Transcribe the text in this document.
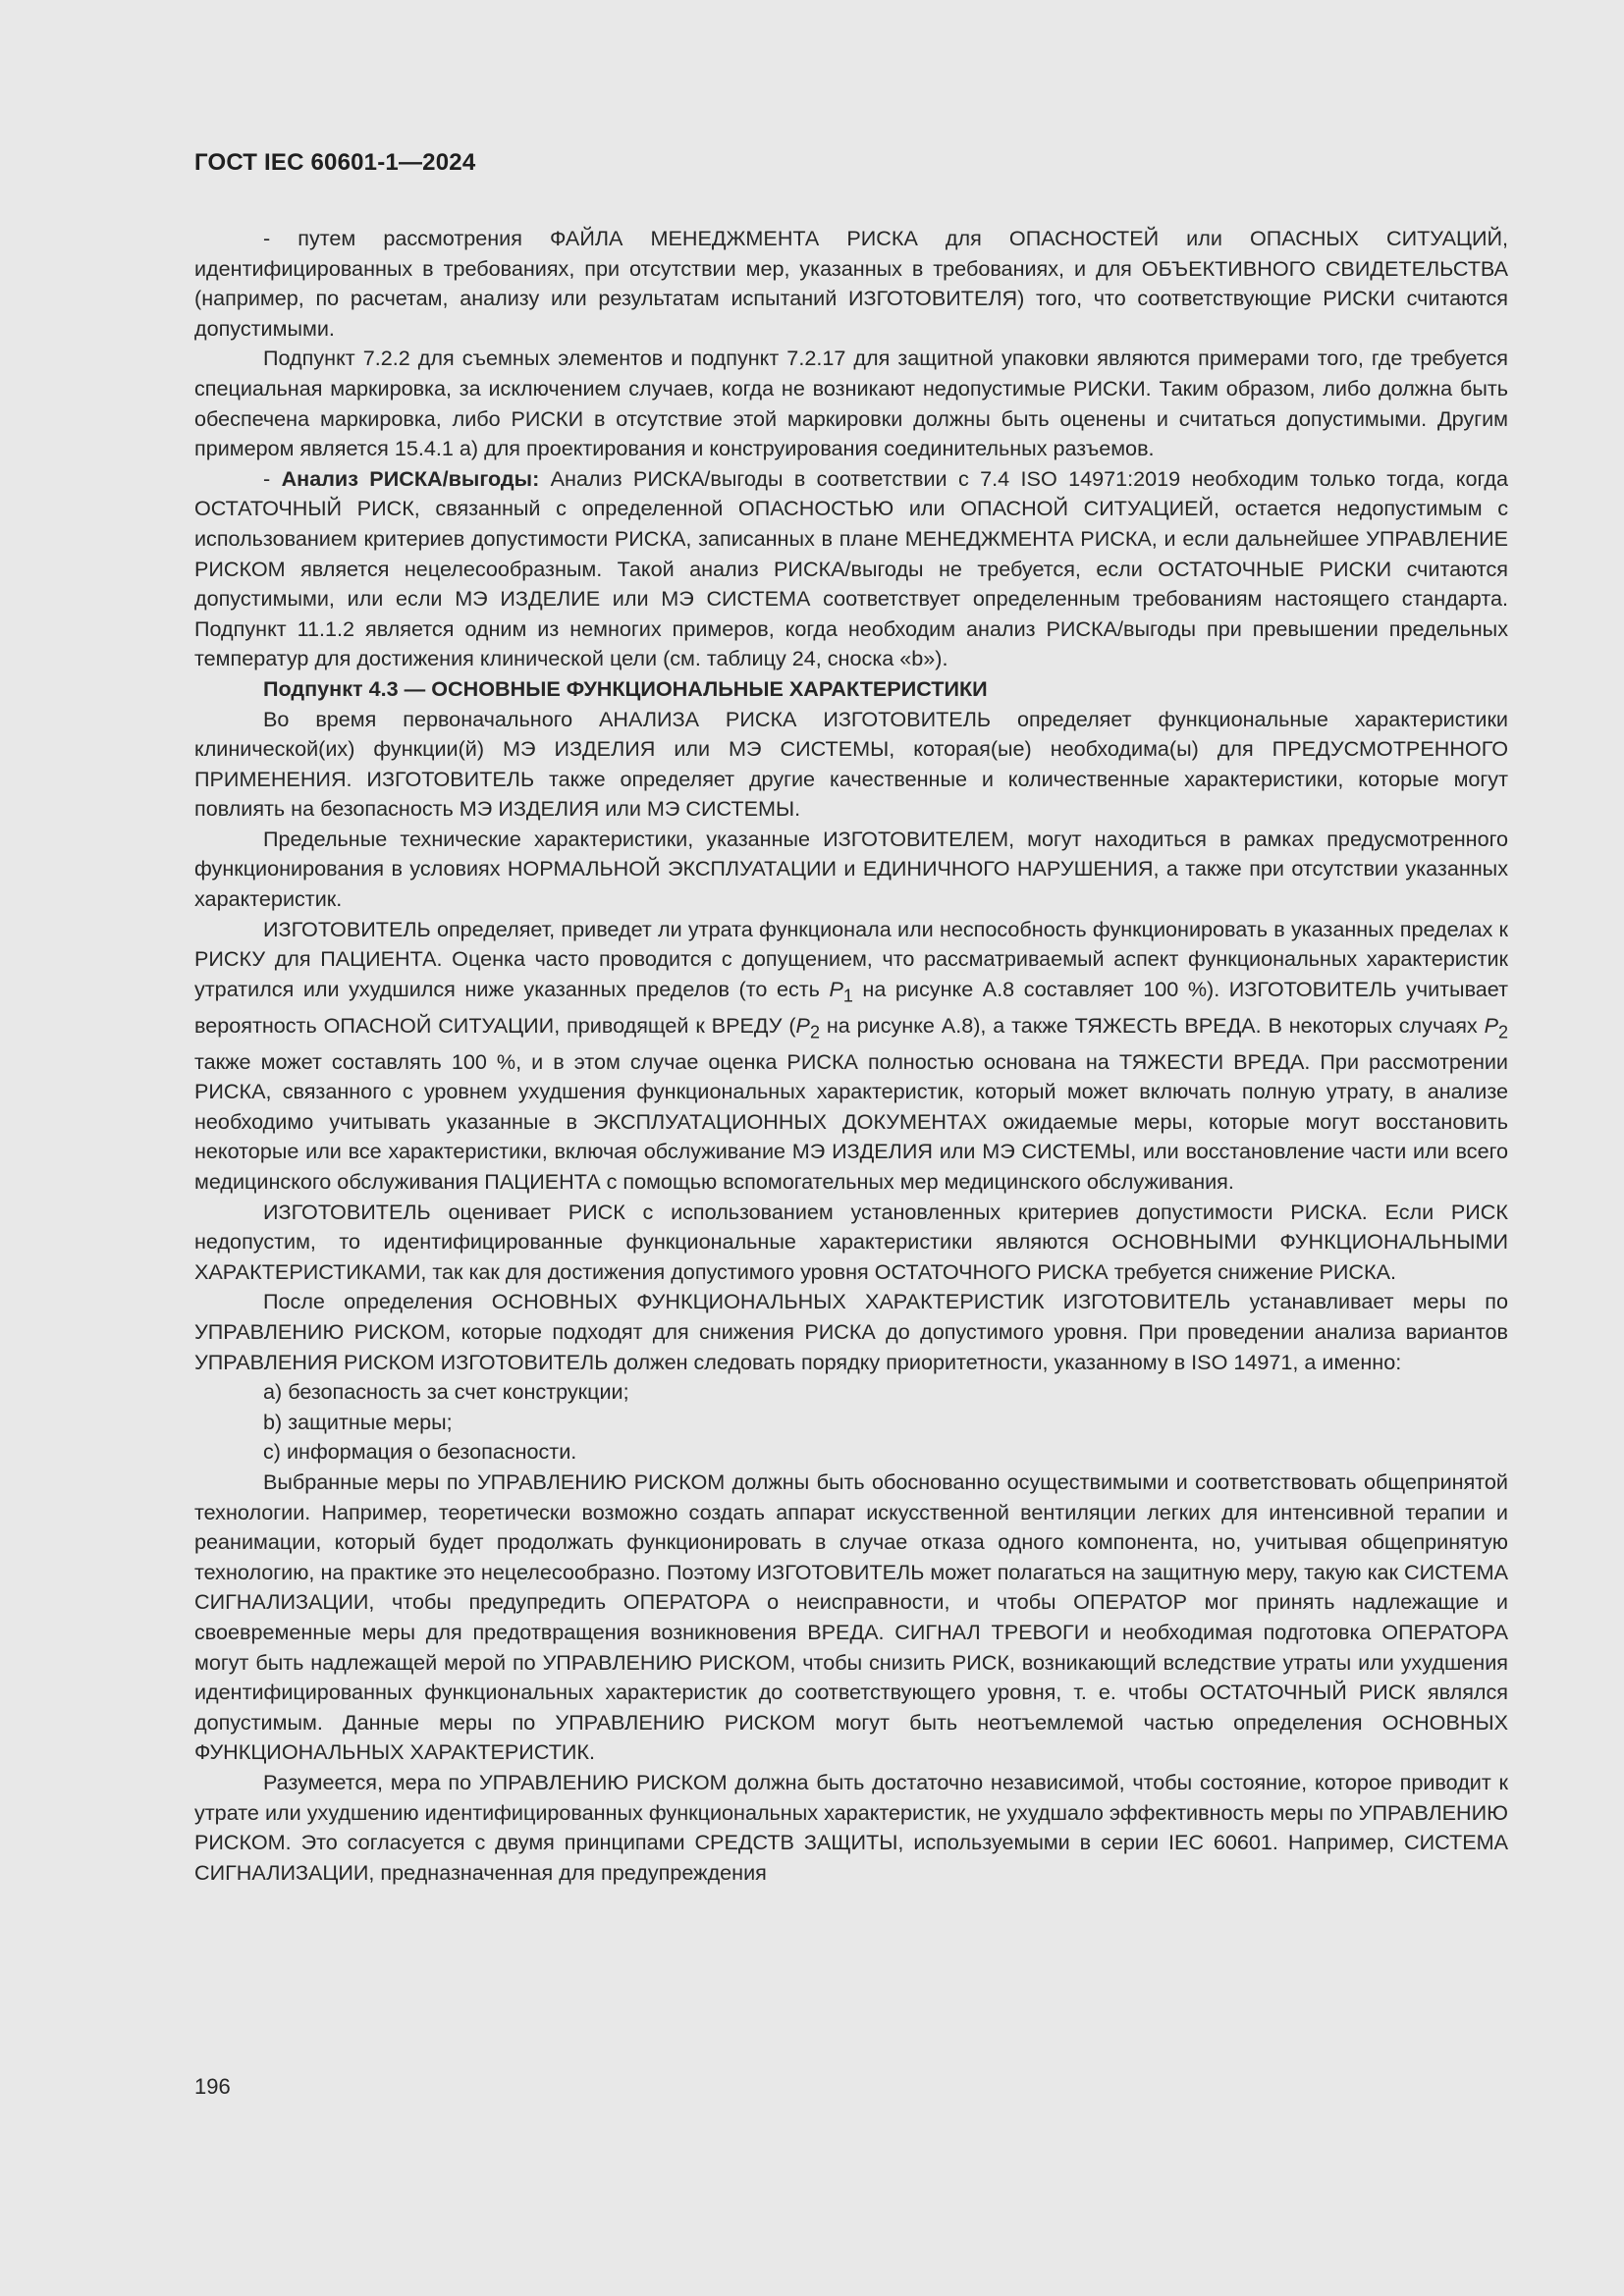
ГОСТ IEC 60601-1—2024

- путем рассмотрения ФАЙЛА МЕНЕДЖМЕНТА РИСКА для ОПАСНОСТЕЙ или ОПАСНЫХ СИТУАЦИЙ, идентифицированных в требованиях, при отсутствии мер, указанных в требованиях, и для ОБЪЕКТИВНОГО СВИДЕТЕЛЬСТВА (например, по расчетам, анализу или результатам испытаний ИЗГОТОВИТЕЛЯ) того, что соответствующие РИСКИ считаются допустимыми.

Подпункт 7.2.2 для съемных элементов и подпункт 7.2.17 для защитной упаковки являются примерами того, где требуется специальная маркировка, за исключением случаев, когда не возникают недопустимые РИСКИ. Таким образом, либо должна быть обеспечена маркировка, либо РИСКИ в отсутствие этой маркировки должны быть оценены и считаться допустимыми. Другим примером является 15.4.1 а) для проектирования и конструирования соединительных разъемов.

- Анализ РИСКА/выгоды: Анализ РИСКА/выгоды в соответствии с 7.4 ISO 14971:2019 необходим только тогда, когда ОСТАТОЧНЫЙ РИСК, связанный с определенной ОПАСНОСТЬЮ или ОПАСНОЙ СИТУАЦИЕЙ, остается недопустимым с использованием критериев допустимости РИСКА, записанных в плане МЕНЕДЖМЕНТА РИСКА, и если дальнейшее УПРАВЛЕНИЕ РИСКОМ является нецелесообразным. Такой анализ РИСКА/выгоды не требуется, если ОСТАТОЧНЫЕ РИСКИ считаются допустимыми, или если МЭ ИЗДЕЛИЕ или МЭ СИСТЕМА соответствует определенным требованиям настоящего стандарта. Подпункт 11.1.2 является одним из немногих примеров, когда необходим анализ РИСКА/выгоды при превышении предельных температур для достижения клинической цели (см. таблицу 24, сноска «b»).

Подпункт 4.3 — ОСНОВНЫЕ ФУНКЦИОНАЛЬНЫЕ ХАРАКТЕРИСТИКИ

Во время первоначального АНАЛИЗА РИСКА ИЗГОТОВИТЕЛЬ определяет функциональные характеристики клинической(их) функции(й) МЭ ИЗДЕЛИЯ или МЭ СИСТЕМЫ, которая(ые) необходима(ы) для ПРЕДУСМОТРЕННОГО ПРИМЕНЕНИЯ. ИЗГОТОВИТЕЛЬ также определяет другие качественные и количественные характеристики, которые могут повлиять на безопасность МЭ ИЗДЕЛИЯ или МЭ СИСТЕМЫ.

Предельные технические характеристики, указанные ИЗГОТОВИТЕЛЕМ, могут находиться в рамках предусмотренного функционирования в условиях НОРМАЛЬНОЙ ЭКСПЛУАТАЦИИ и ЕДИНИЧНОГО НАРУШЕНИЯ, а также при отсутствии указанных характеристик.

ИЗГОТОВИТЕЛЬ определяет, приведет ли утрата функционала или неспособность функционировать в указанных пределах к РИСКУ для ПАЦИЕНТА. Оценка часто проводится с допущением, что рассматриваемый аспект функциональных характеристик утратился или ухудшился ниже указанных пределов (то есть $P_1$ на рисунке А.8 составляет 100 %). ИЗГОТОВИТЕЛЬ учитывает вероятность ОПАСНОЙ СИТУАЦИИ, приводящей к ВРЕДУ ($P_2$ на рисунке А.8), а также ТЯЖЕСТЬ ВРЕДА. В некоторых случаях $P_2$ также может составлять 100 %, и в этом случае оценка РИСКА полностью основана на ТЯЖЕСТИ ВРЕДА. При рассмотрении РИСКА, связанного с уровнем ухудшения функциональных характеристик, который может включать полную утрату, в анализе необходимо учитывать указанные в ЭКСПЛУАТАЦИОННЫХ ДОКУМЕНТАХ ожидаемые меры, которые могут восстановить некоторые или все характеристики, включая обслуживание МЭ ИЗДЕЛИЯ или МЭ СИСТЕМЫ, или восстановление части или всего медицинского обслуживания ПАЦИЕНТА с помощью вспомогательных мер медицинского обслуживания.

ИЗГОТОВИТЕЛЬ оценивает РИСК с использованием установленных критериев допустимости РИСКА. Если РИСК недопустим, то идентифицированные функциональные характеристики являются ОСНОВНЫМИ ФУНКЦИОНАЛЬНЫМИ ХАРАКТЕРИСТИКАМИ, так как для достижения допустимого уровня ОСТАТОЧНОГО РИСКА требуется снижение РИСКА.

После определения ОСНОВНЫХ ФУНКЦИОНАЛЬНЫХ ХАРАКТЕРИСТИК ИЗГОТОВИТЕЛЬ устанавливает меры по УПРАВЛЕНИЮ РИСКОМ, которые подходят для снижения РИСКА до допустимого уровня. При проведении анализа вариантов УПРАВЛЕНИЯ РИСКОМ ИЗГОТОВИТЕЛЬ должен следовать порядку приоритетности, указанному в ISO 14971, а именно:

a) безопасность за счет конструкции;

b) защитные меры;

c) информация о безопасности.

Выбранные меры по УПРАВЛЕНИЮ РИСКОМ должны быть обоснованно осуществимыми и соответствовать общепринятой технологии. Например, теоретически возможно создать аппарат искусственной вентиляции легких для интенсивной терапии и реанимации, который будет продолжать функционировать в случае отказа одного компонента, но, учитывая общепринятую технологию, на практике это нецелесообразно. Поэтому ИЗГОТОВИТЕЛЬ может полагаться на защитную меру, такую как СИСТЕМА СИГНАЛИЗАЦИИ, чтобы предупредить ОПЕРАТОРА о неисправности, и чтобы ОПЕРАТОР мог принять надлежащие и своевременные меры для предотвращения возникновения ВРЕДА. СИГНАЛ ТРЕВОГИ и необходимая подготовка ОПЕРАТОРА могут быть надлежащей мерой по УПРАВЛЕНИЮ РИСКОМ, чтобы снизить РИСК, возникающий вследствие утраты или ухудшения идентифицированных функциональных характеристик до соответствующего уровня, т. е. чтобы ОСТАТОЧНЫЙ РИСК являлся допустимым. Данные меры по УПРАВЛЕНИЮ РИСКОМ могут быть неотъемлемой частью определения ОСНОВНЫХ ФУНКЦИОНАЛЬНЫХ ХАРАКТЕРИСТИК.

Разумеется, мера по УПРАВЛЕНИЮ РИСКОМ должна быть достаточно независимой, чтобы состояние, которое приводит к утрате или ухудшению идентифицированных функциональных характеристик, не ухудшало эффективность меры по УПРАВЛЕНИЮ РИСКОМ. Это согласуется с двумя принципами СРЕДСТВ ЗАЩИТЫ, используемыми в серии IEC 60601. Например, СИСТЕМА СИГНАЛИЗАЦИИ, предназначенная для предупреждения

196
